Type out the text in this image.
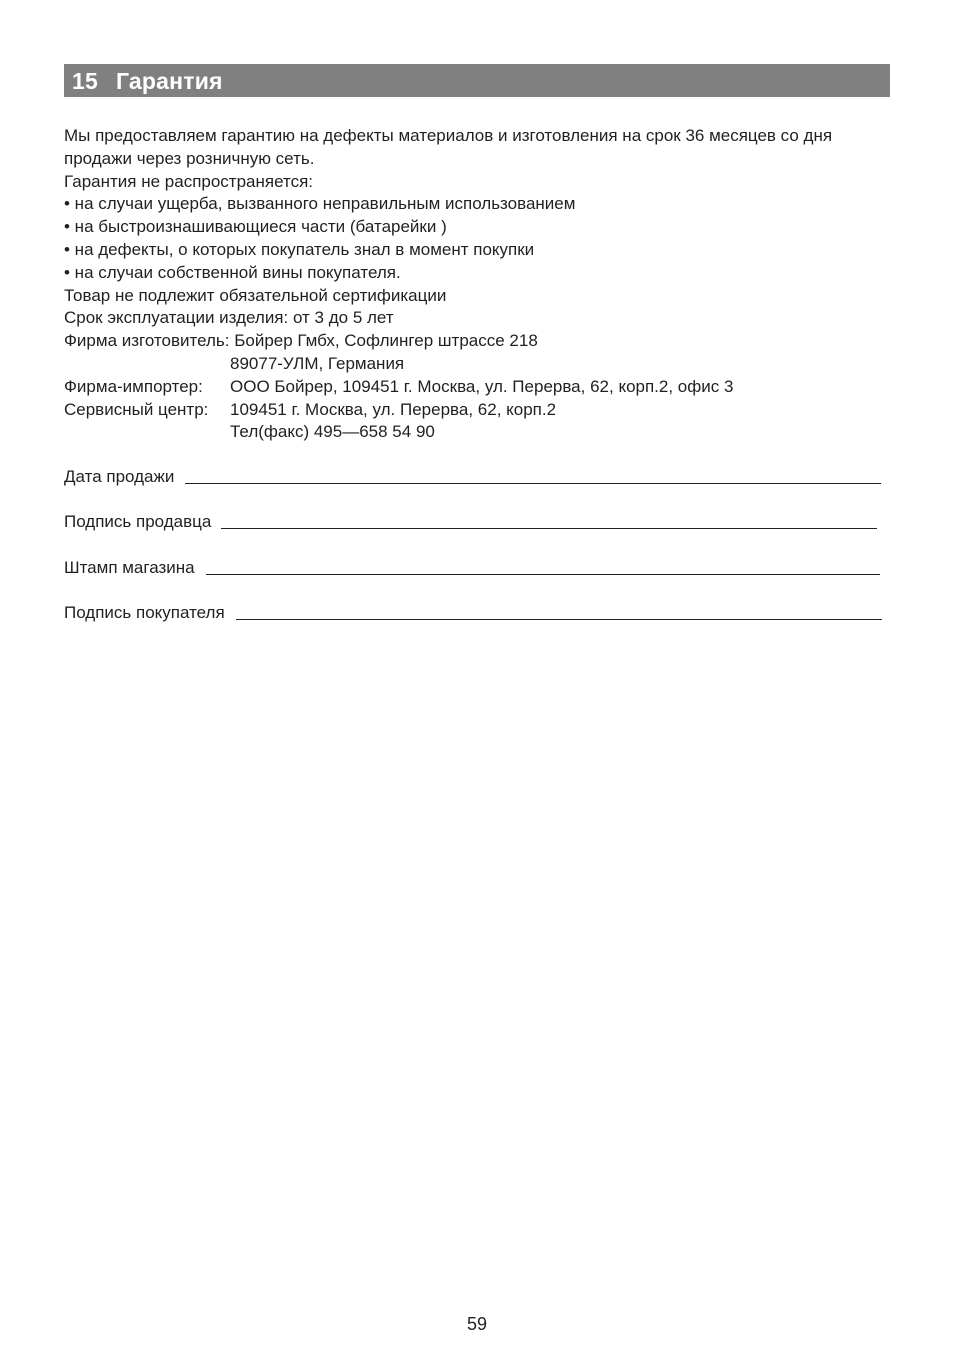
15 Гарантия
Мы предоставляем гарантию на дефекты материалов и изготовления на срок 36 месяцев со дня
продажи через розничную сеть.
Гарантия не распространяется:
• на случаи ущерба, вызванного неправильным использованием
• на быстроизнашивающиеся части (батарейки )
• на дефекты, о которых покупатель знал в момент покупки
• на случаи собственной вины покупателя.
Товар не подлежит обязательной сертификации
Срок эксплуатации изделия: от 3 до 5 лет
Фирма изготовитель: Бойрер Гмбх, Софлингер штрассе 218
89077-УЛМ, Германия
Фирма-импортер:	ООО Бойрер, 109451 г. Москва, ул. Перерва, 62, корп.2, офис 3
Сервисный центр:	109451 г. Москва, ул. Перерва, 62, корп.2
Тел(факс) 495—658 54 90
Дата продажи
Подпись продавца
Штамп магазина
Подпись покупателя
59
